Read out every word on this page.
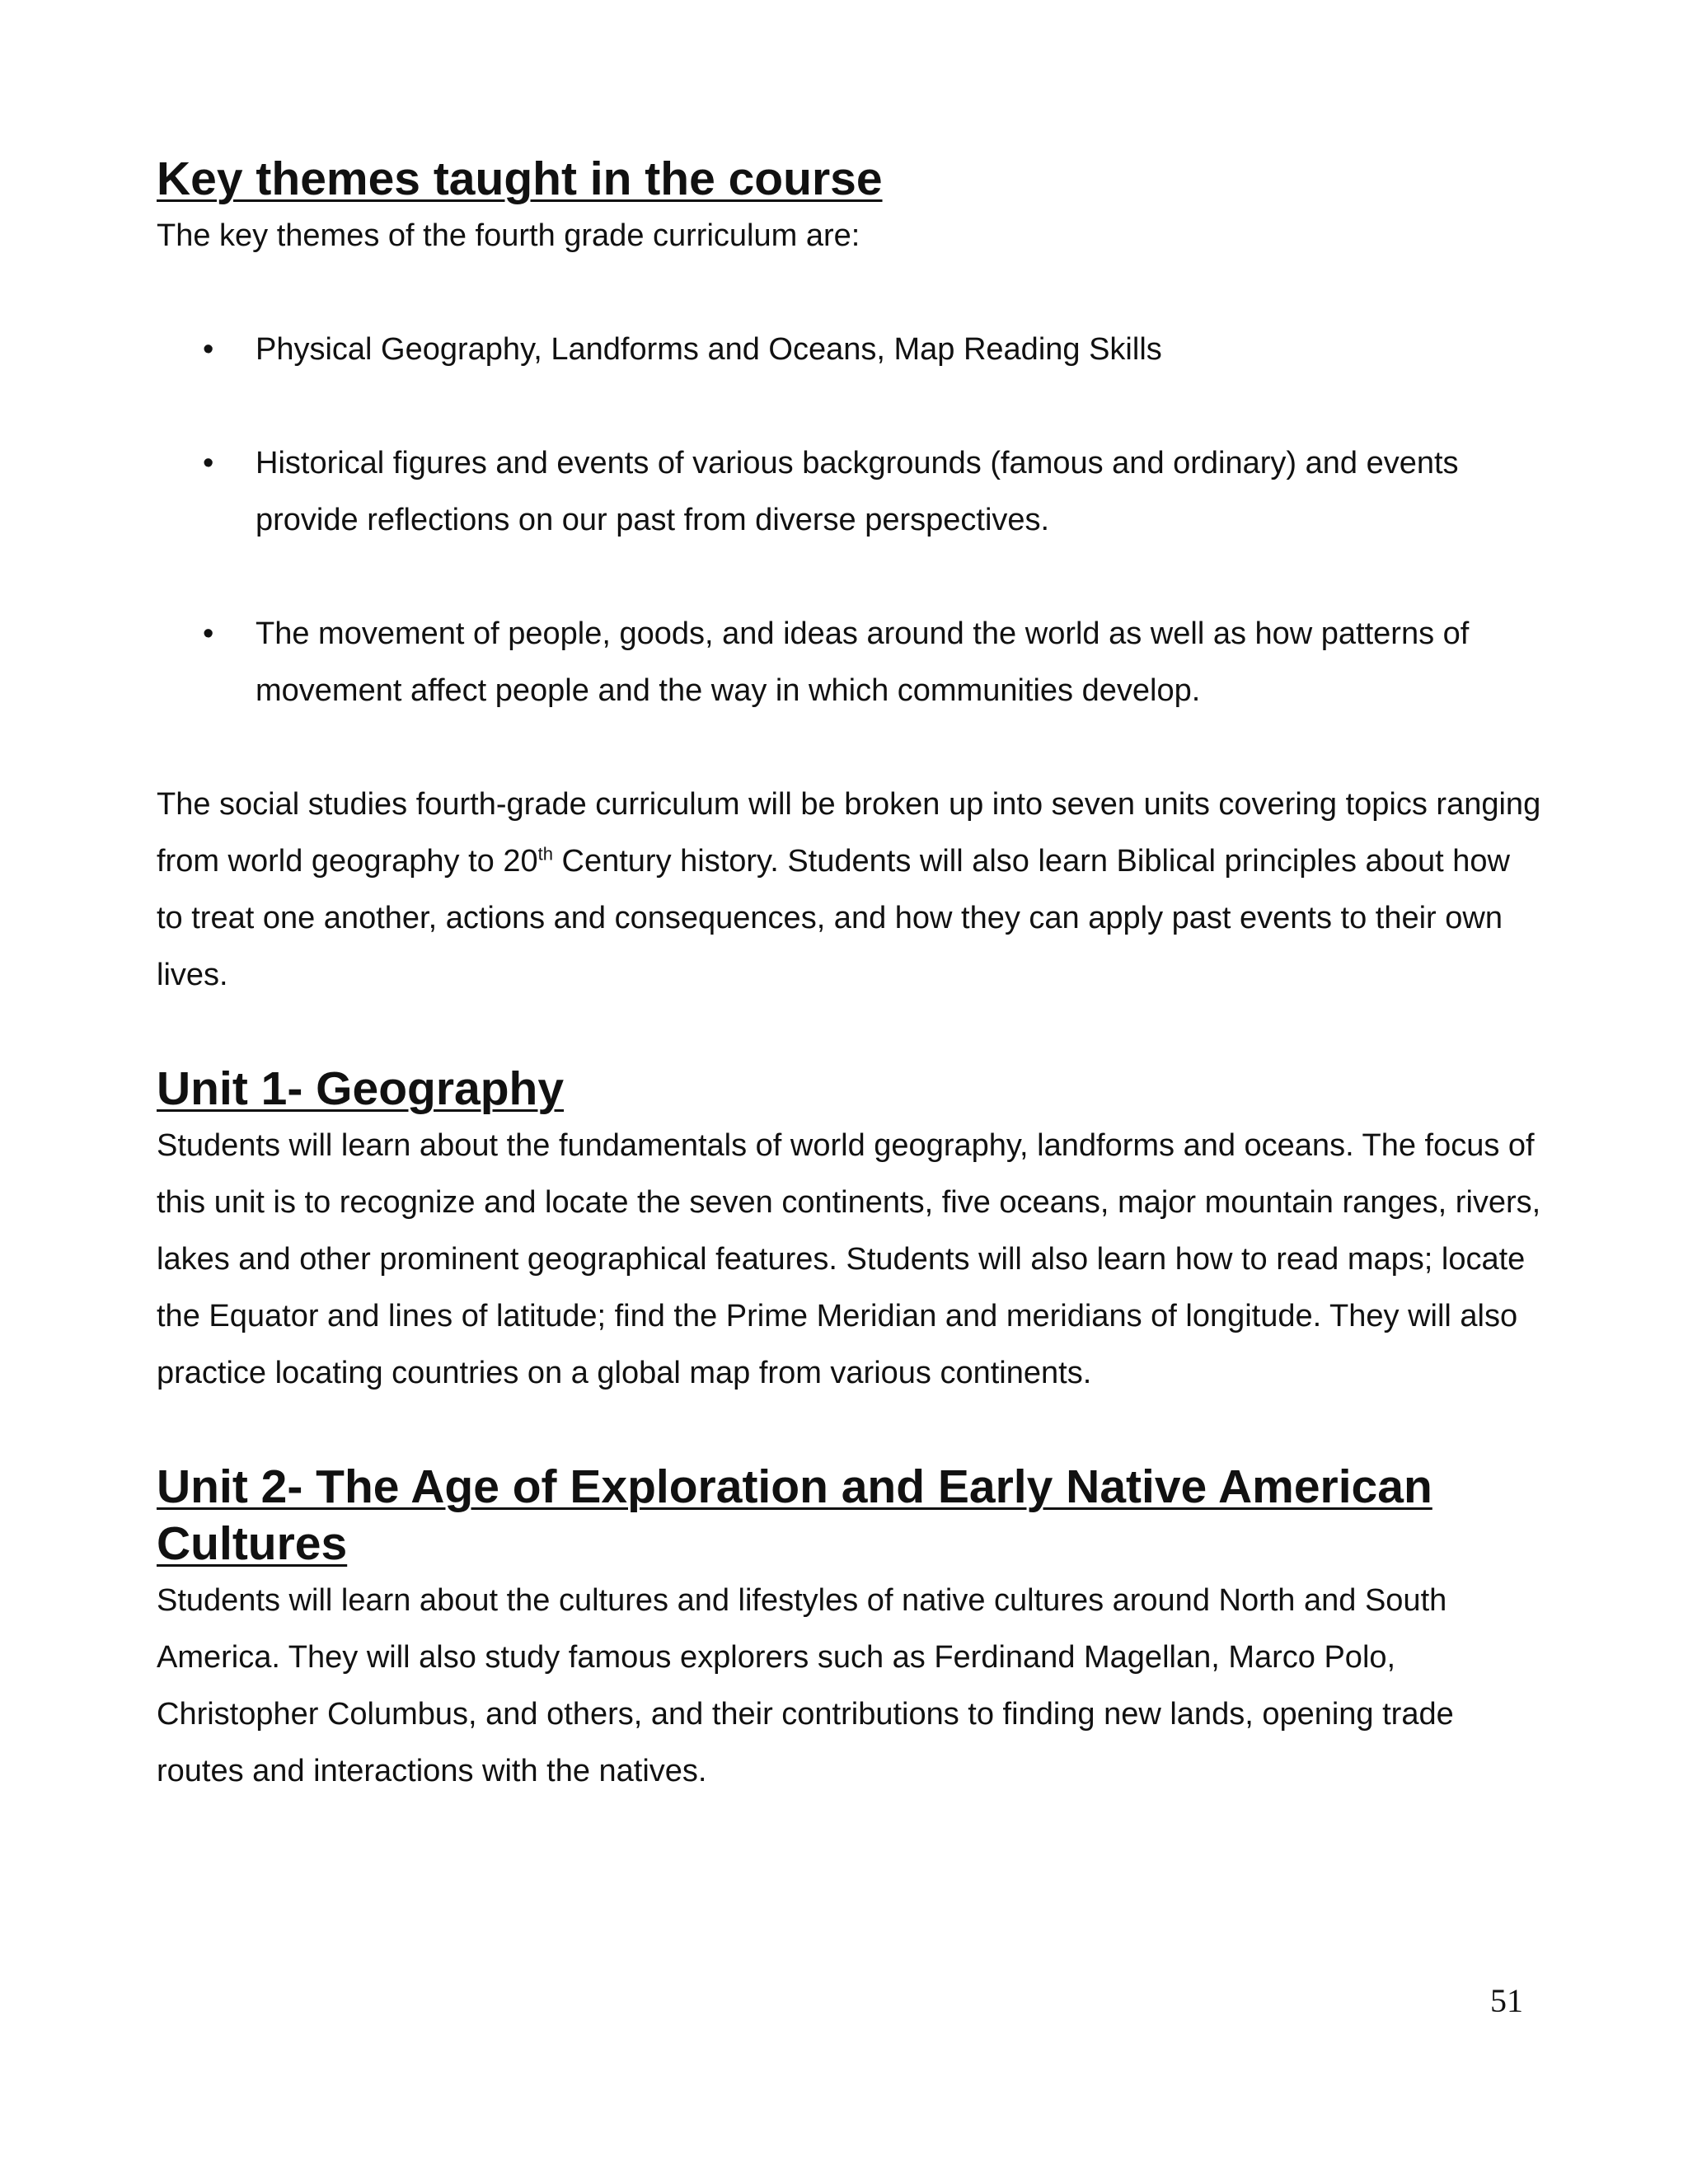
Key themes taught in the course

The key themes of the fourth grade curriculum are:

• Physical Geography, Landforms and Oceans, Map Reading Skills
• Historical figures and events of various backgrounds (famous and ordinary) and events provide reflections on our past from diverse perspectives.
• The movement of people, goods, and ideas around the world as well as how patterns of movement affect people and the way in which communities develop.

The social studies fourth-grade curriculum will be broken up into seven units covering topics ranging from world geography to 20th Century history. Students will also learn Biblical principles about how to treat one another, actions and consequences, and how they can apply past events to their own lives.

Unit 1- Geography

Students will learn about the fundamentals of world geography, landforms and oceans. The focus of this unit is to recognize and locate the seven continents, five oceans, major mountain ranges, rivers, lakes and other prominent geographical features. Students will also learn how to read maps; locate the Equator and lines of latitude; find the Prime Meridian and meridians of longitude. They will also practice locating countries on a global map from various continents.

Unit 2- The Age of Exploration and Early Native American Cultures

Students will learn about the cultures and lifestyles of native cultures around North and South America. They will also study famous explorers such as Ferdinand Magellan, Marco Polo, Christopher Columbus, and others, and their contributions to finding new lands, opening trade routes and interactions with the natives.

51
